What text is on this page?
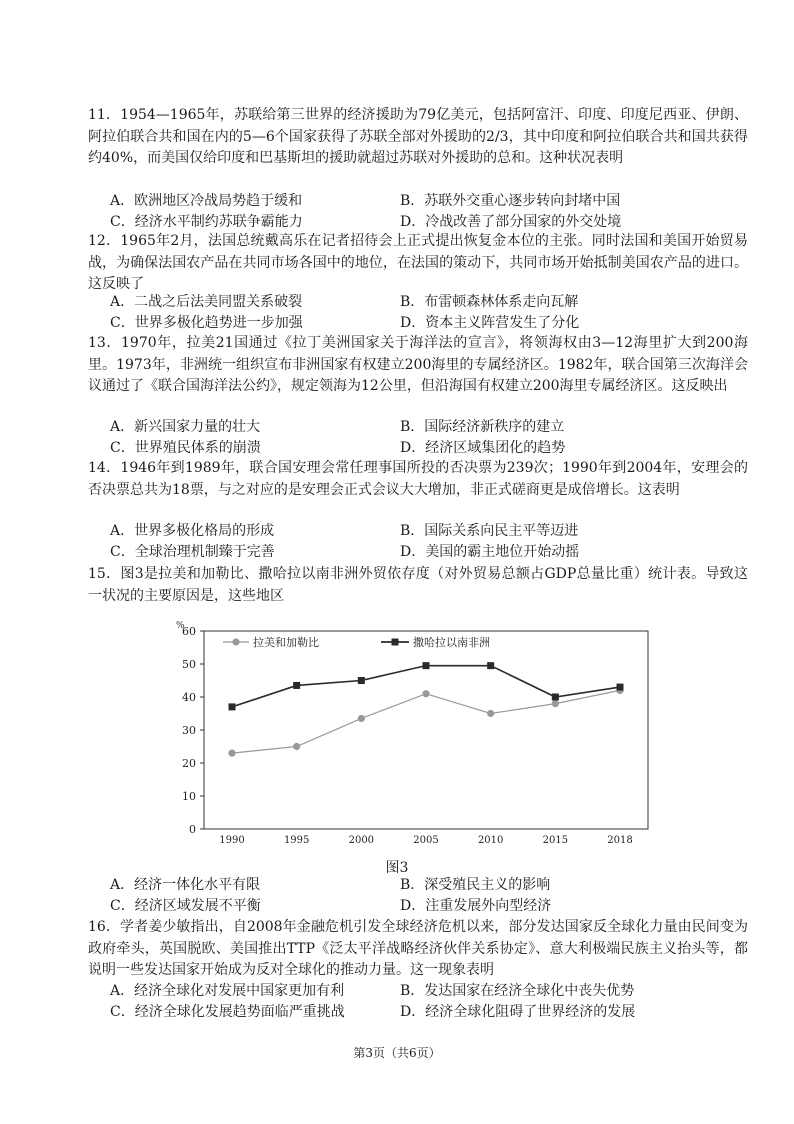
11．1954—1965年，苏联给第三世界的经济援助为79亿美元，包括阿富汗、印度、印度尼西亚、伊朗、阿拉伯联合共和国在内的5—6个国家获得了苏联全部对外援助的2/3，其中印度和阿拉伯联合共和国共获得约40%，而美国仅给印度和巴基斯坦的援助就超过苏联对外援助的总和。这种状况表明
A．欧洲地区冷战局势趋于缓和	B．苏联外交重心逐步转向封堵中国
C．经济水平制约苏联争霸能力	D．冷战改善了部分国家的外交处境
12．1965年2月，法国总统戴高乐在记者招待会上正式提出恢复金本位的主张。同时法国和美国开始贸易战，为确保法国农产品在共同市场各国中的地位，在法国的策动下，共同市场开始抵制美国农产品的进口。这反映了
A．二战之后法美同盟关系破裂	B．布雷顿森林体系走向瓦解
C．世界多极化趋势进一步加强	D．资本主义阵营发生了分化
13．1970年，拉美21国通过《拉丁美洲国家关于海洋法的宣言》，将领海权由3—12海里扩大到200海里。1973年，非洲统一组织宣布非洲国家有权建立200海里的专属经济区。1982年，联合国第三次海洋会议通过了《联合国海洋法公约》，规定领海为12公里，但沿海国有权建立200海里专属经济区。这反映出
A．新兴国家力量的壮大	B．国际经济新秩序的建立
C．世界殖民体系的崩溃	D．经济区域集团化的趋势
14．1946年到1989年，联合国安理会常任理事国所投的否决票为239次；1990年到2004年，安理会的否决票总共为18票，与之对应的是安理会正式会议大大增加，非正式磋商更是成倍增长。这表明
A．世界多极化格局的形成	B．国际关系向民主平等迈进
C．全球治理机制臻于完善	D．美国的霸主地位开始动摇
15．图3是拉美和加勒比、撒哈拉以南非洲外贸依存度（对外贸易总额占GDP总量比重）统计表。导致这一状况的主要原因是，这些地区
%
0
10
20
30
40
50
60
1990	1995	2000	2005	2010	2015	2018
拉美和加勒比	撒哈拉以南非洲
图3
A．经济一体化水平有限	B．深受殖民主义的影响
C．经济区域发展不平衡	D．注重发展外向型经济
16．学者姜少敏指出，自2008年金融危机引发全球经济危机以来，部分发达国家反全球化力量由民间变为政府牵头，英国脱欧、美国推出TTP《泛太平洋战略经济伙伴关系协定》、意大利极端民族主义抬头等，都说明一些发达国家开始成为反对全球化的推动力量。这一现象表明
A．经济全球化对发展中国家更加有利	B．发达国家在经济全球化中丧失优势
C．经济全球化发展趋势面临严重挑战	D．经济全球化阻碍了世界经济的发展
第3页（共6页）
